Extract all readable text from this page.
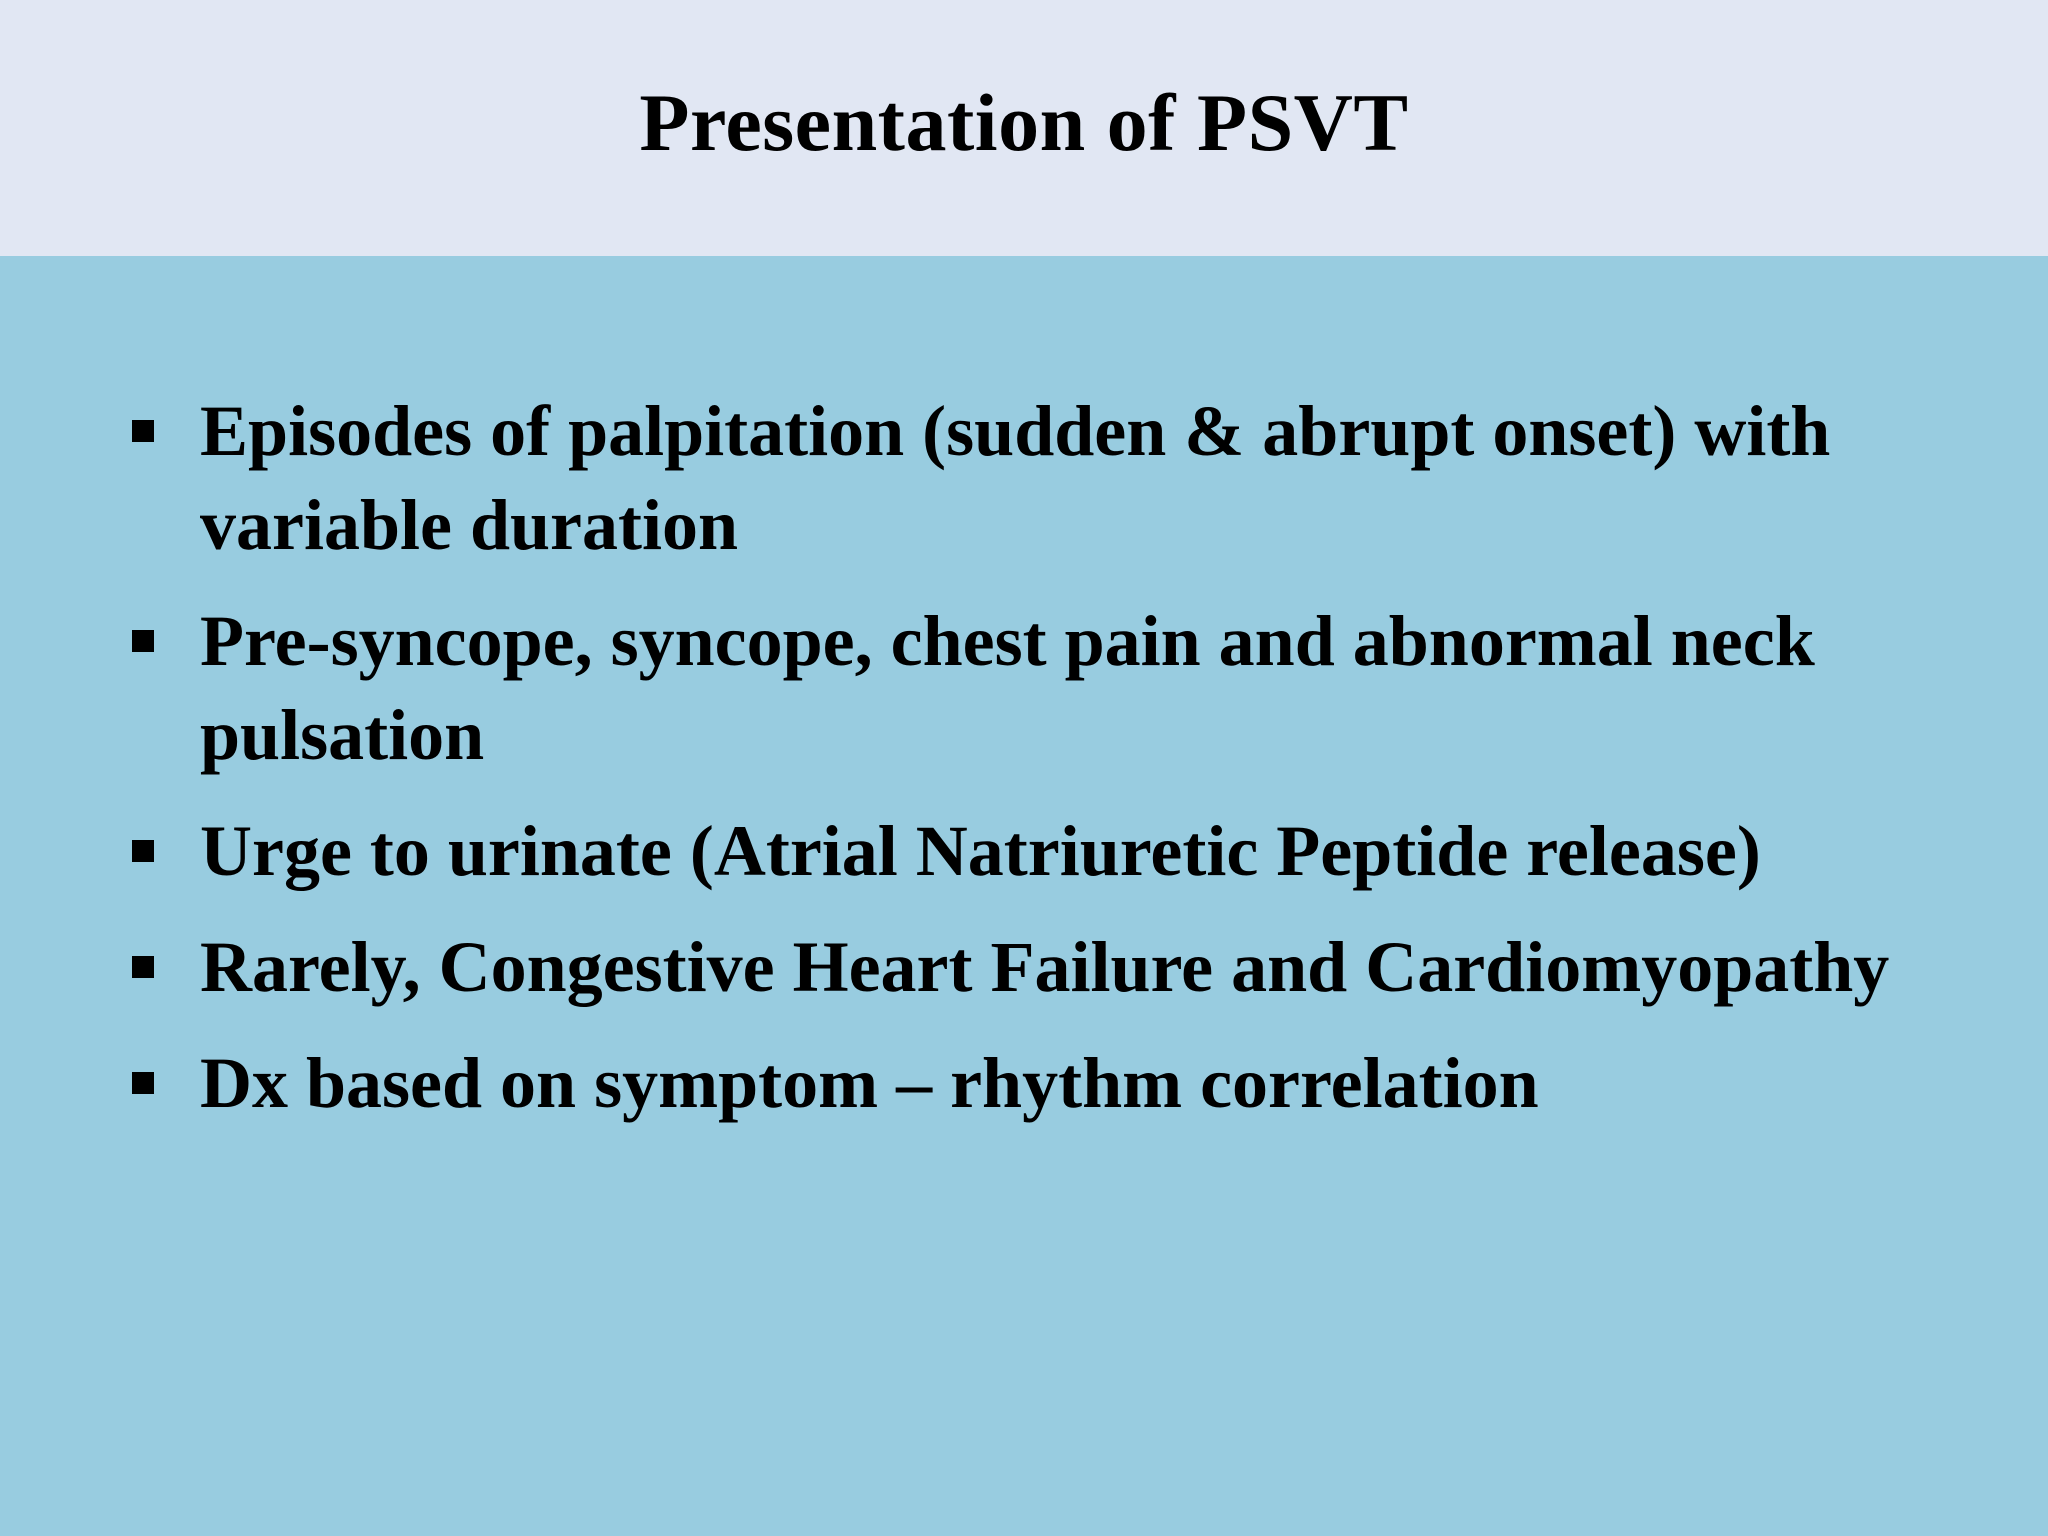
Presentation of PSVT
Episodes of palpitation (sudden & abrupt onset) with variable duration
Pre-syncope, syncope, chest pain and abnormal neck pulsation
Urge to urinate (Atrial Natriuretic Peptide release)
Rarely, Congestive Heart Failure and Cardiomyopathy
Dx based on symptom – rhythm correlation
